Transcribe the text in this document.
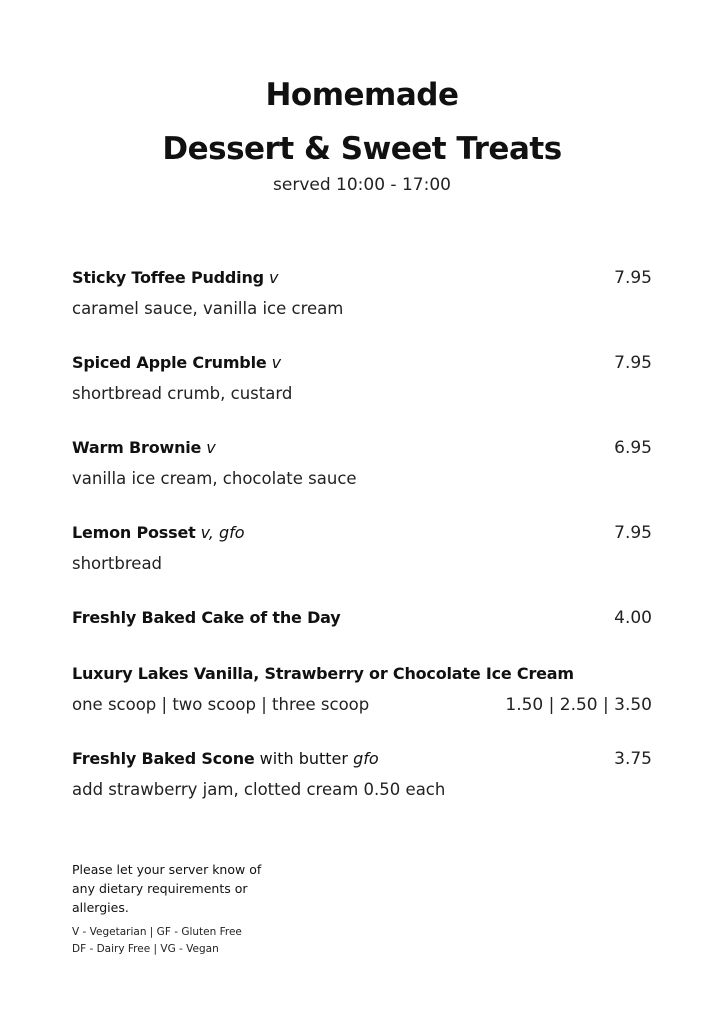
Homemade
Dessert & Sweet Treats
served 10:00 - 17:00
Sticky Toffee Pudding v	7.95
caramel sauce, vanilla ice cream
Spiced Apple Crumble v	7.95
shortbread crumb, custard
Warm Brownie v	6.95
vanilla ice cream, chocolate sauce
Lemon Posset v, gfo	7.95
shortbread
Freshly Baked Cake of the Day	4.00
Luxury Lakes Vanilla, Strawberry or Chocolate Ice Cream
one scoop | two scoop | three scoop	1.50 | 2.50 | 3.50
Freshly Baked Scone with butter gfo	3.75
add strawberry jam, clotted cream 0.50 each
Please let your server know of any dietary requirements or allergies.
V - Vegetarian | GF - Gluten Free
DF - Dairy Free | VG - Vegan
